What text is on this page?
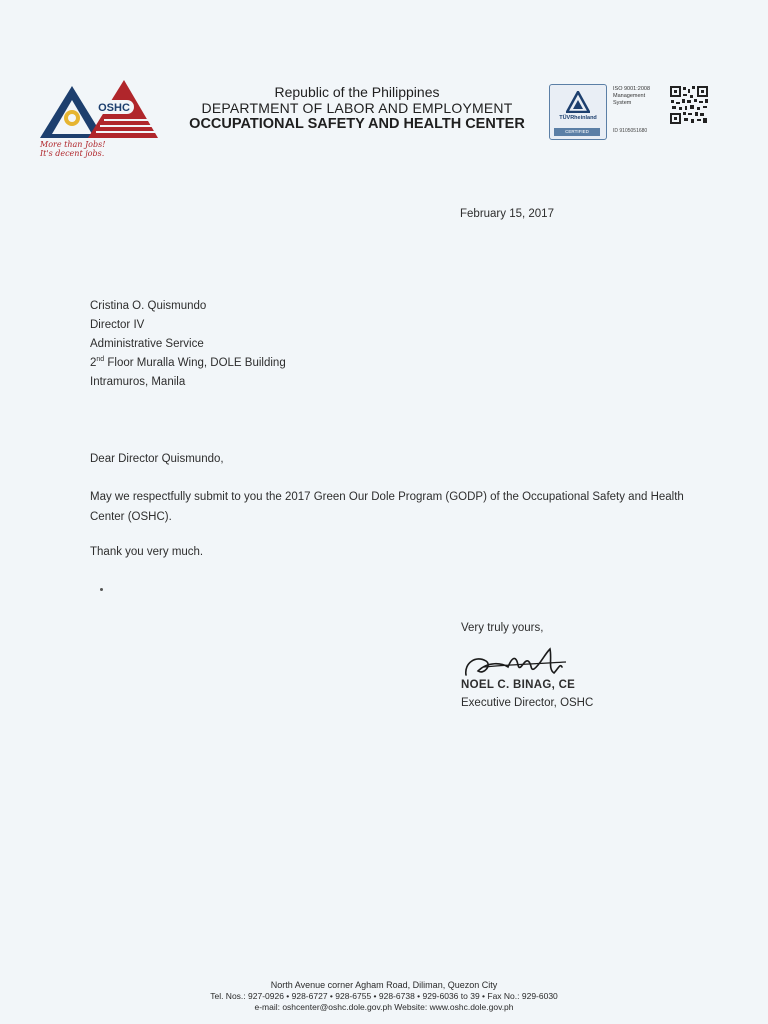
OSHC
More than Jobs! It's decent jobs.
Republic of the Philippines
DEPARTMENT OF LABOR AND EMPLOYMENT
OCCUPATIONAL SAFETY AND HEALTH CENTER	TÜVRheinland
CERTIFIED
ISO 9001:2008
Management
System
ID 9105051680
February 15, 2017
Cristina O. Quismundo
Director IV
Administrative Service
2nd Floor Muralla Wing, DOLE Building
Intramuros, Manila
Dear Director Quismundo,
May we respectfully submit to you the 2017 Green Our Dole Program (GODP) of the Occupational Safety and Health Center (OSHC).
Thank you very much.
Very truly yours,
NOEL C. BINAG, CE
Executive Director, OSHC
North Avenue corner Agham Road, Diliman, Quezon City
Tel. Nos.: 927-0926 • 928-6727 • 928-6755 • 928-6738 • 929-6036 to 39 • Fax No.: 929-6030
e-mail: oshcenter@oshc.dole.gov.ph Website: www.oshc.dole.gov.ph
